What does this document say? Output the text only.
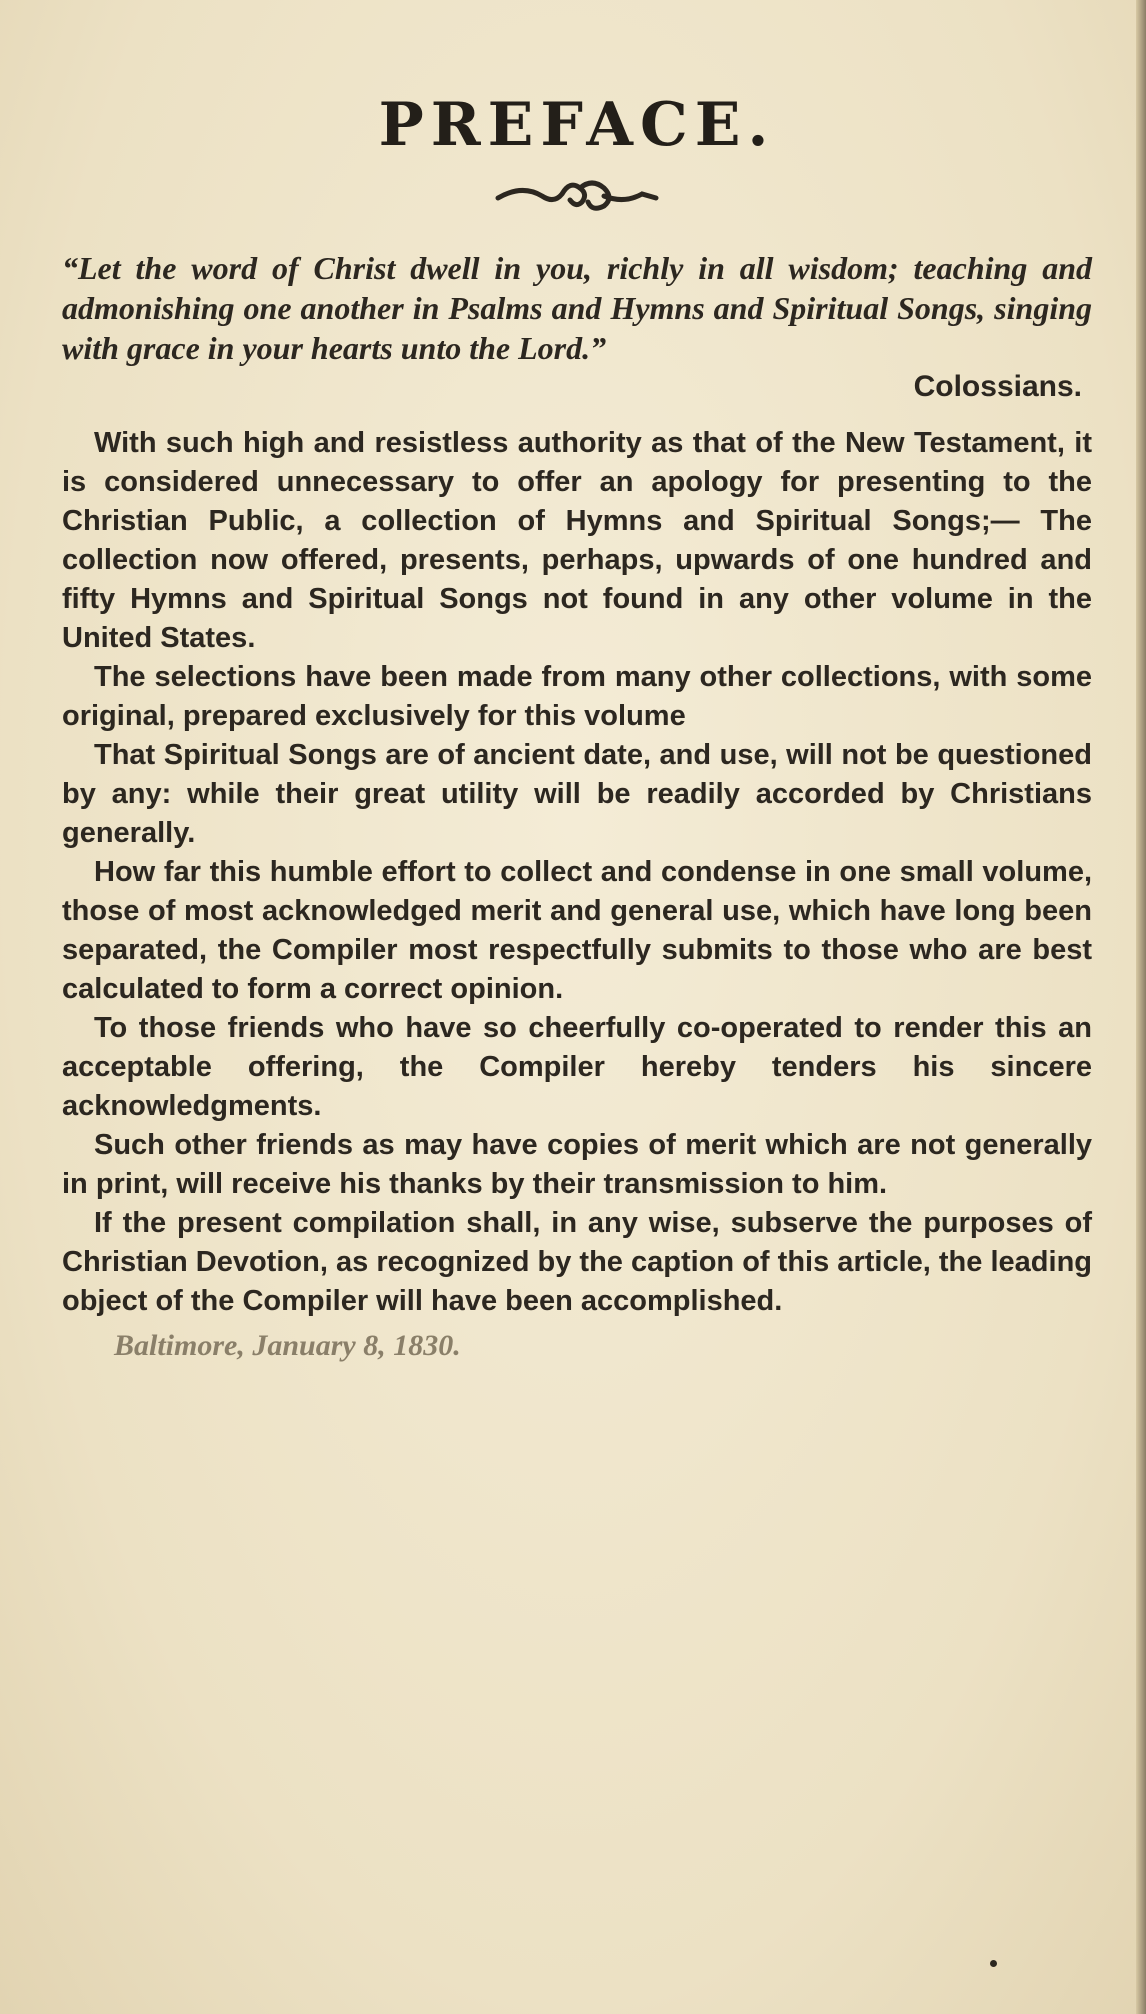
PREFACE.
“Let the word of Christ dwell in you, richly in all wisdom; teaching and admonishing one another in Psalms and Hymns and Spiritual Songs, singing with grace in your hearts unto the Lord.”
Colossians.

With such high and resistless authority as that of the New Testament, it is considered unnecessary to offer an apology for presenting to the Christian Public, a collection of Hymns and Spiritual Songs;— The collection now offered, presents, perhaps, upwards of one hundred and fifty Hymns and Spiritual Songs not found in any other volume in the United States.

The selections have been made from many other collections, with some original, prepared exclusively for this volume

That Spiritual Songs are of ancient date, and use, will not be questioned by any: while their great utility will be readily accorded by Christians generally.

How far this humble effort to collect and condense in one small volume, those of most acknowledged merit and general use, which have long been separated, the Compiler most respectfully submits to those who are best calculated to form a correct opinion.

To those friends who have so cheerfully co-operated to render this an acceptable offering, the Compiler hereby tenders his sincere acknowledgments.

Such other friends as may have copies of merit which are not generally in print, will receive his thanks by their transmission to him.

If the present compilation shall, in any wise, subserve the purposes of Christian Devotion, as recognized by the caption of this article, the leading object of the Compiler will have been accomplished.

Baltimore, January 8, 1830.
